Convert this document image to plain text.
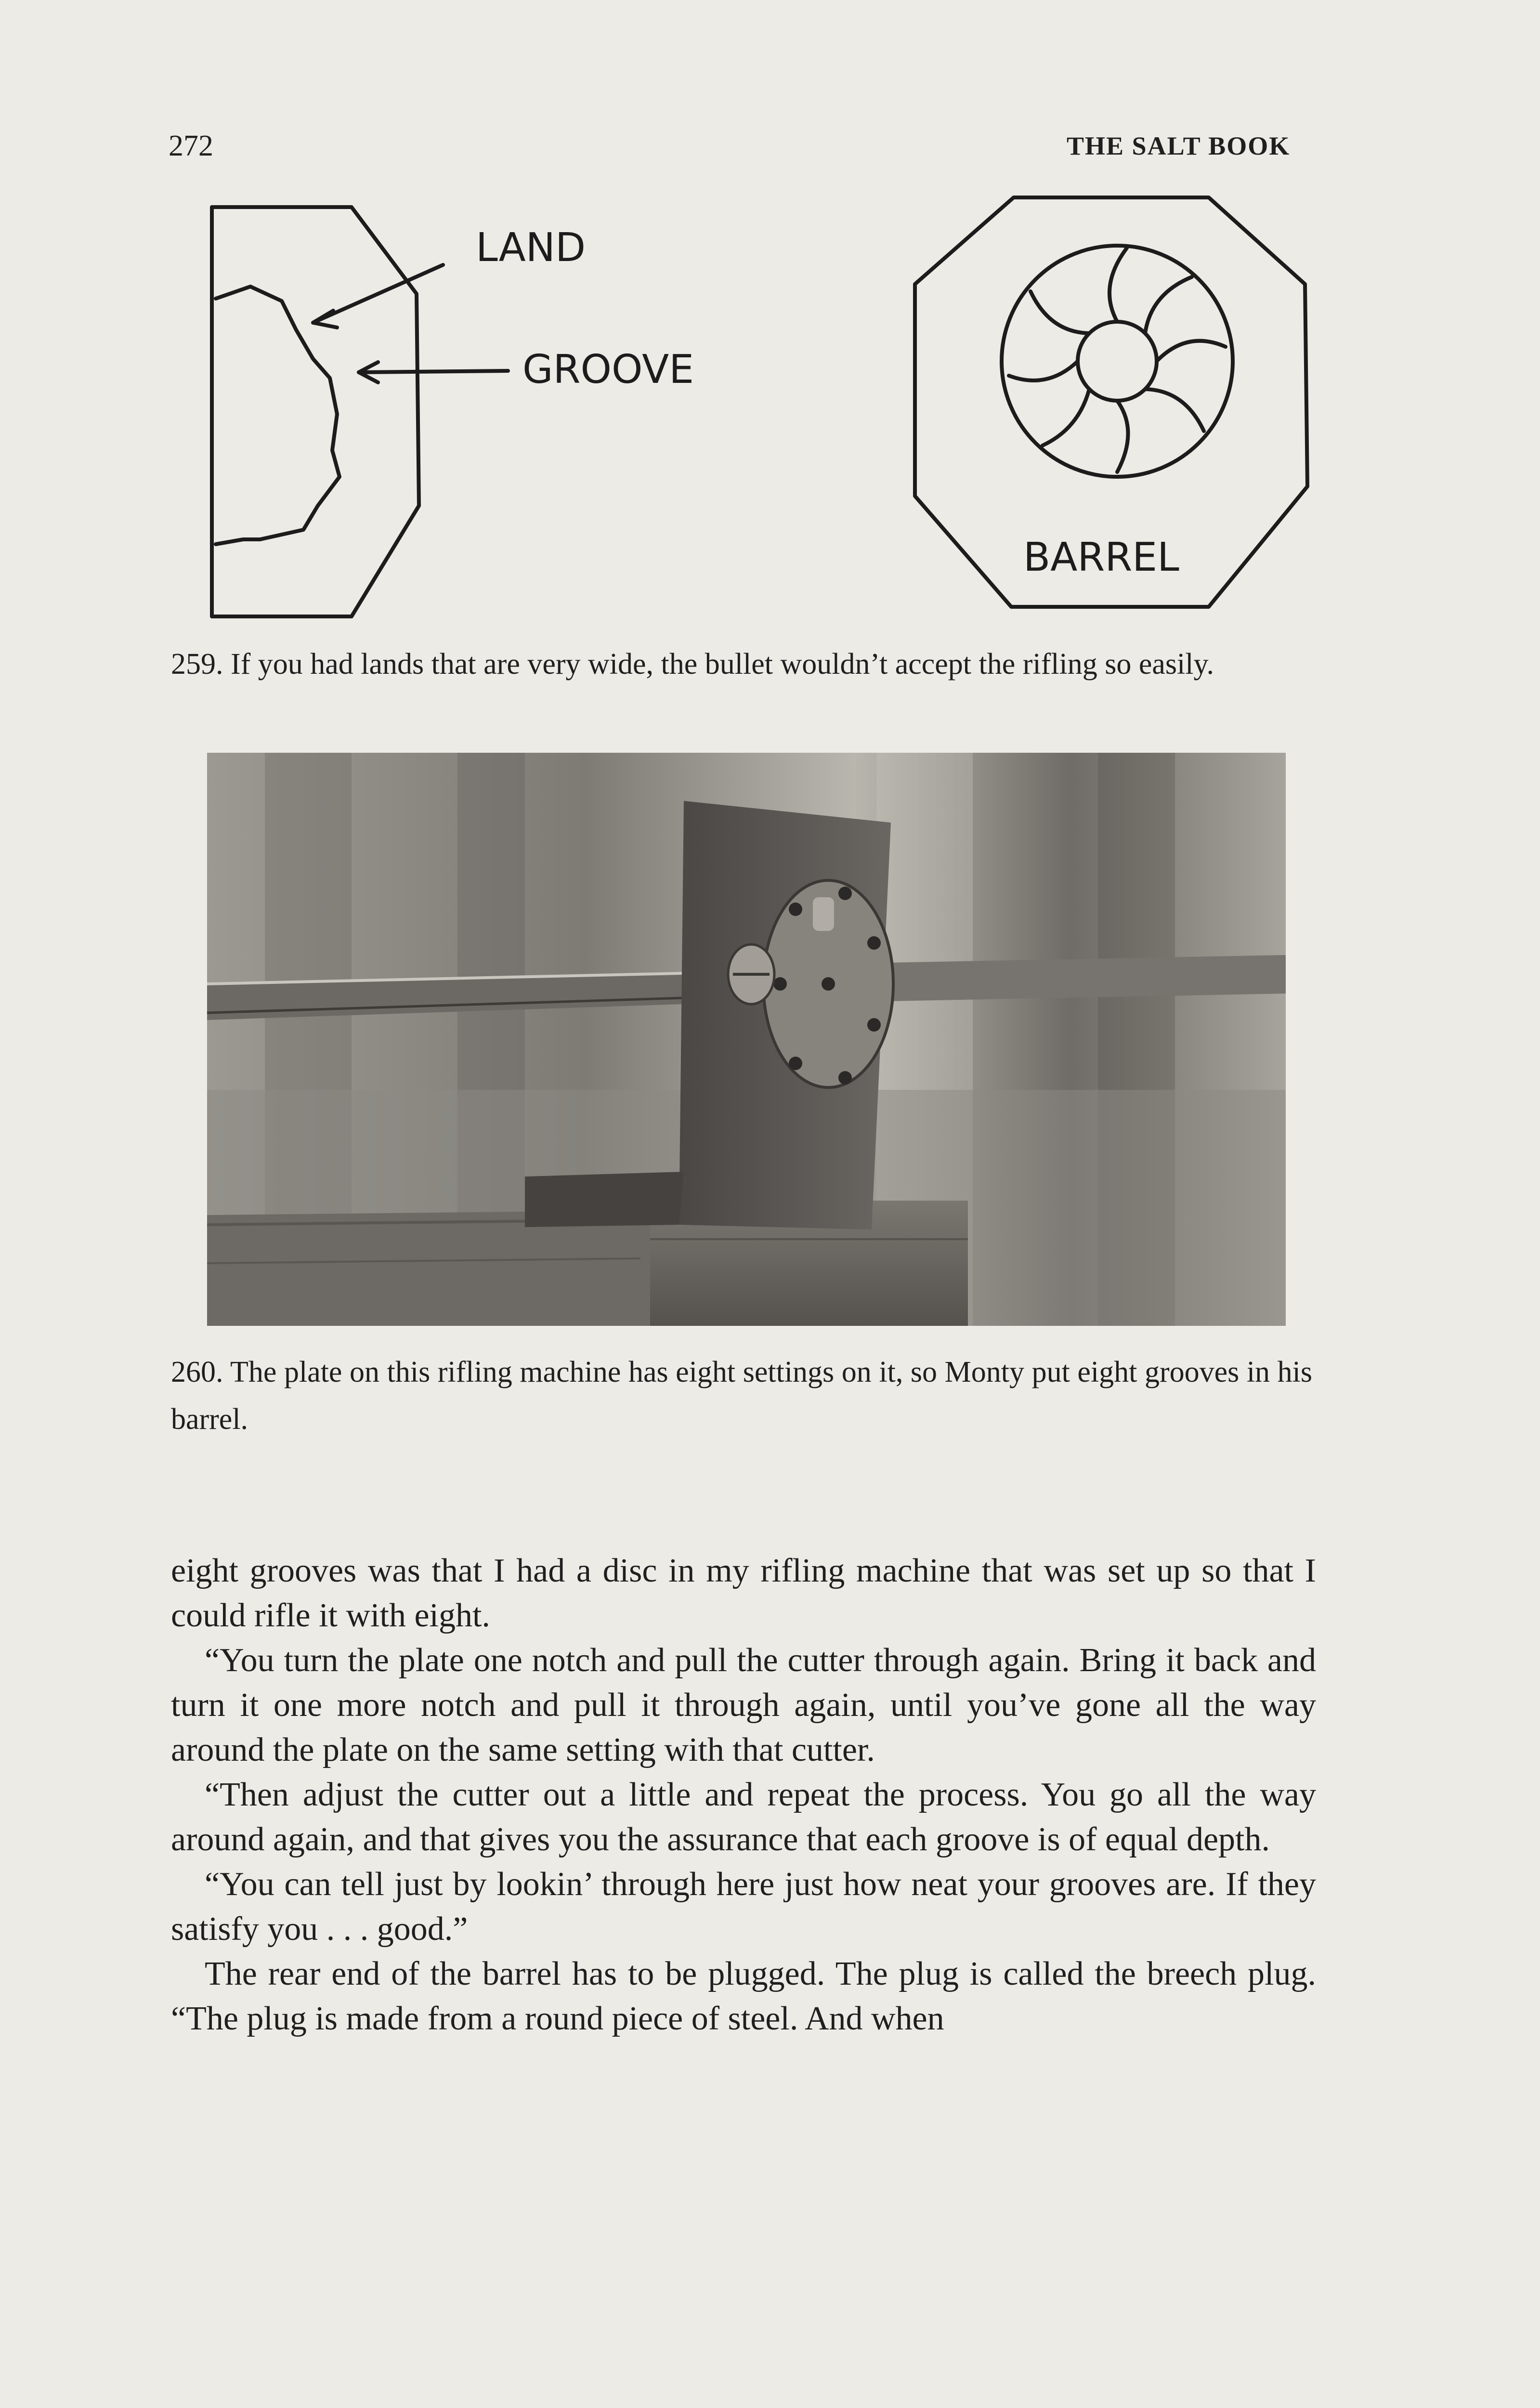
272	THE SALT BOOK
LAND
GROOVE
BARREL

259. If you had lands that are very wide, the bullet wouldn’t accept the rifling so easily.

260. The plate on this rifling machine has eight settings on it, so Monty put eight grooves in his barrel.

eight grooves was that I had a disc in my rifling machine that was set up so that I could rifle it with eight.

“You turn the plate one notch and pull the cutter through again. Bring it back and turn it one more notch and pull it through again, until you’ve gone all the way around the plate on the same setting with that cutter.

“Then adjust the cutter out a little and repeat the process. You go all the way around again, and that gives you the assurance that each groove is of equal depth.

“You can tell just by lookin’ through here just how neat your grooves are. If they satisfy you . . . good.”

The rear end of the barrel has to be plugged. The plug is called the breech plug. “The plug is made from a round piece of steel. And when
